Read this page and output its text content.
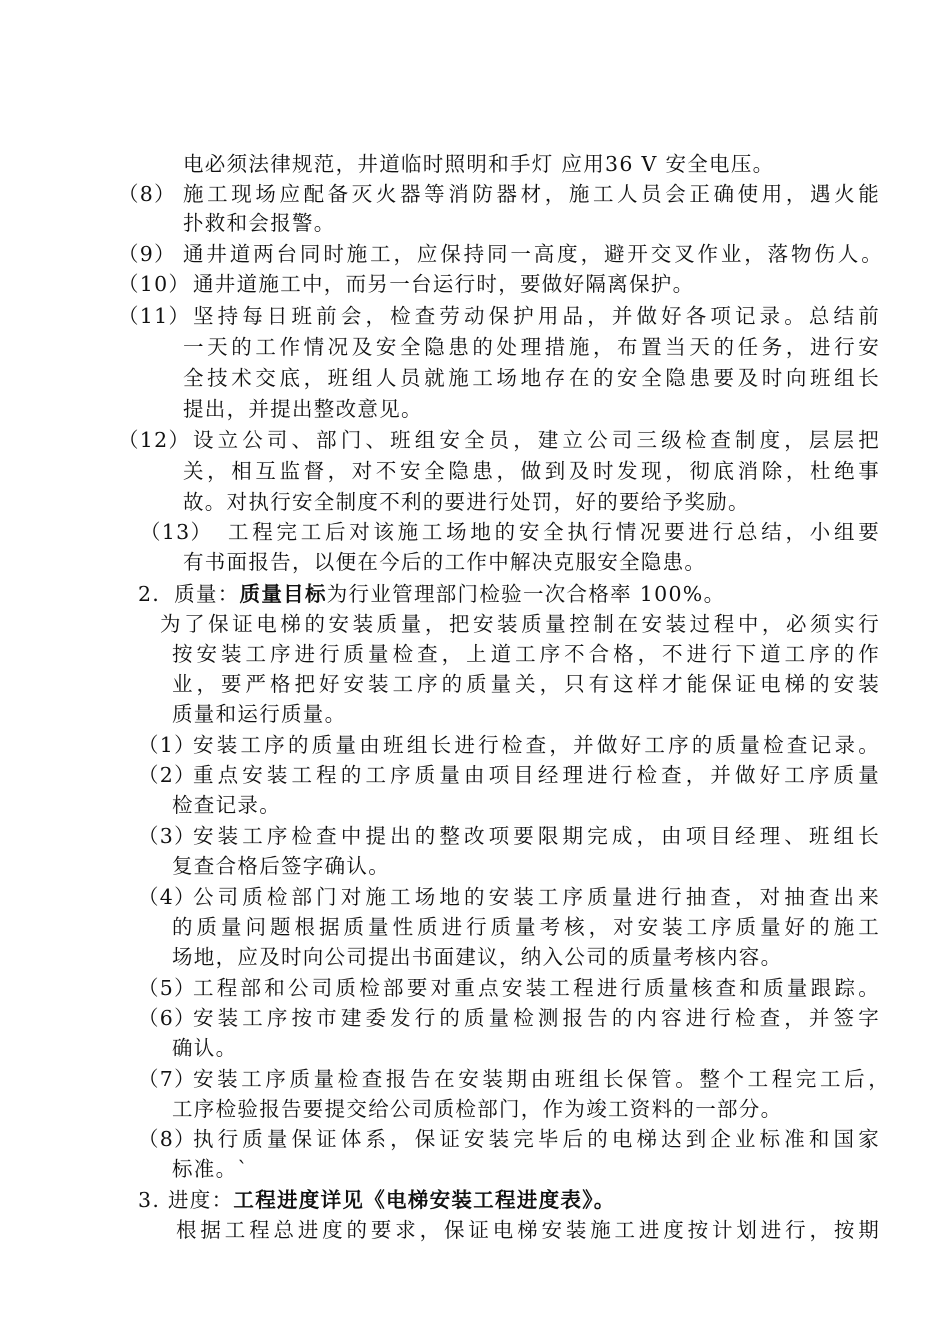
电必须法律规范，井道临时照明和手灯 应用36 V 安全电压。
（8） 施工现场应配备灭火器等消防器材，施工人员会正确使用，遇火能
扑救和会报警。
（9） 通井道两台同时施工，应保持同一高度，避开交叉作业，落物伤人。
（10） 通井道施工中，而另一台运行时，要做好隔离保护。
（11） 坚持每日班前会，检查劳动保护用品，并做好各项记录。总结前
一天的工作情况及安全隐患的处理措施，布置当天的任务，进行安
全技术交底，班组人员就施工场地存在的安全隐患要及时向班组长
提出，并提出整改意见。
（12） 设立公司、部门、班组安全员，建立公司三级检查制度，层层把
关，相互监督，对不安全隐患，做到及时发现，彻底消除，杜绝事
故。对执行安全制度不利的要进行处罚，好的要给予奖励。
（13） 工程完工后对该施工场地的安全执行情况要进行总结，小组要
有书面报告，以便在今后的工作中解决克服安全隐患。
2．质量：质量目标为行业管理部门检验一次合格率 100%。
为了保证电梯的安装质量，把安装质量控制在安装过程中，必须实行
按安装工序进行质量检查，上道工序不合格，不进行下道工序的作
业，要严格把好安装工序的质量关，只有这样才能保证电梯的安装
质量和运行质量。
（1）
安装工序的质量由班组长进行检查，并做好工序的质量检查记录。
（2）
重点安装工程的工序质量由项目经理进行检查，并做好工序质量
检查记录。
（3）
安装工序检查中提出的整改项要限期完成，由项目经理、班组长
复查合格后签字确认。
（4）
公司质检部门对施工场地的安装工序质量进行抽查，对抽查出来
的质量问题根据质量性质进行质量考核，对安装工序质量好的施工
场地，应及时向公司提出书面建议，纳入公司的质量考核内容。
（5）
工程部和公司质检部要对重点安装工程进行质量核查和质量跟踪。
（6）
安装工序按市建委发行的质量检测报告的内容进行检查，并签字
确认。
（7）
安装工序质量检查报告在安装期由班组长保管。整个工程完工后，
工序检验报告要提交给公司质检部门，作为竣工资料的一部分。
（8）
执行质量保证体系，保证安装完毕后的电梯达到企业标准和国家
标准。`
3. 进度：工程进度详见《电梯安装工程进度表》。
根据工程总进度的要求，保证电梯安装施工进度按计划进行，按期
